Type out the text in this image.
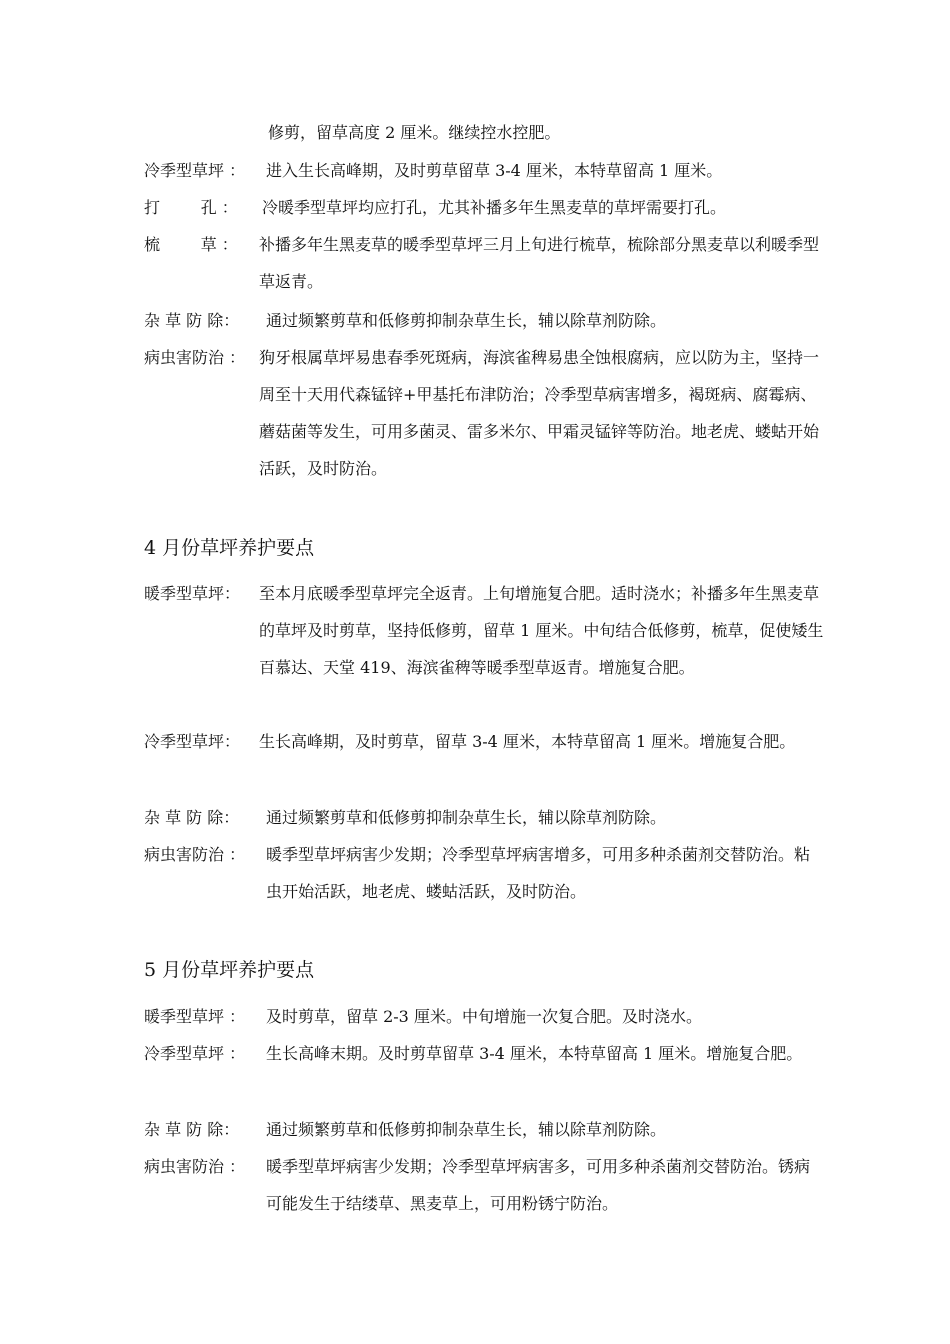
修剪，留草高度 2 厘米。继续控水控肥。
冷季型草坪 ： 进入生长高峰期，及时剪草留草 3-4 厘米，本特草留高 1 厘米。
打        孔 ： 冷暖季型草坪均应打孔，尤其补播多年生黑麦草的草坪需要打孔。
梳        草 ： 补播多年生黑麦草的暖季型草坪三月上旬进行梳草，梳除部分黑麦草以利暖季型草返青。
杂 草 防 除： 通过频繁剪草和低修剪抑制杂草生长，辅以除草剂防除。
病虫害防治 ： 狗牙根属草坪易患春季死斑病，海滨雀稗易患全蚀根腐病，应以防为主，坚持一周至十天用代森锰锌+甲基托布津防治；冷季型草病害增多，褐斑病、腐霉病、蘑菇菌等发生，可用多菌灵、雷多米尔、甲霜灵锰锌等防治。地老虎、蝼蛄开始活跃，及时防治。
4 月份草坪养护要点
暖季型草坪： 至本月底暖季型草坪完全返青。上旬增施复合肥。适时浇水；补播多年生黑麦草的草坪及时剪草，坚持低修剪，留草 1 厘米。中旬结合低修剪，梳草，促使矮生百慕达、天堂 419、海滨雀稗等暖季型草返青。增施复合肥。
冷季型草坪： 生长高峰期，及时剪草，留草 3-4 厘米，本特草留高 1 厘米。增施复合肥。
杂 草 防 除： 通过频繁剪草和低修剪抑制杂草生长，辅以除草剂防除。
病虫害防治 ： 暖季型草坪病害少发期；冷季型草坪病害增多，可用多种杀菌剂交替防治。粘虫开始活跃，地老虎、蝼蛄活跃，及时防治。
5 月份草坪养护要点
暖季型草坪 ： 及时剪草，留草 2-3 厘米。中旬增施一次复合肥。及时浇水。
冷季型草坪 ： 生长高峰末期。及时剪草留草 3-4 厘米，本特草留高 1 厘米。增施复合肥。
杂 草 防 除： 通过频繁剪草和低修剪抑制杂草生长，辅以除草剂防除。
病虫害防治 ： 暖季型草坪病害少发期；冷季型草坪病害多，可用多种杀菌剂交替防治。锈病可能发生于结缕草、黑麦草上，可用粉锈宁防治。
